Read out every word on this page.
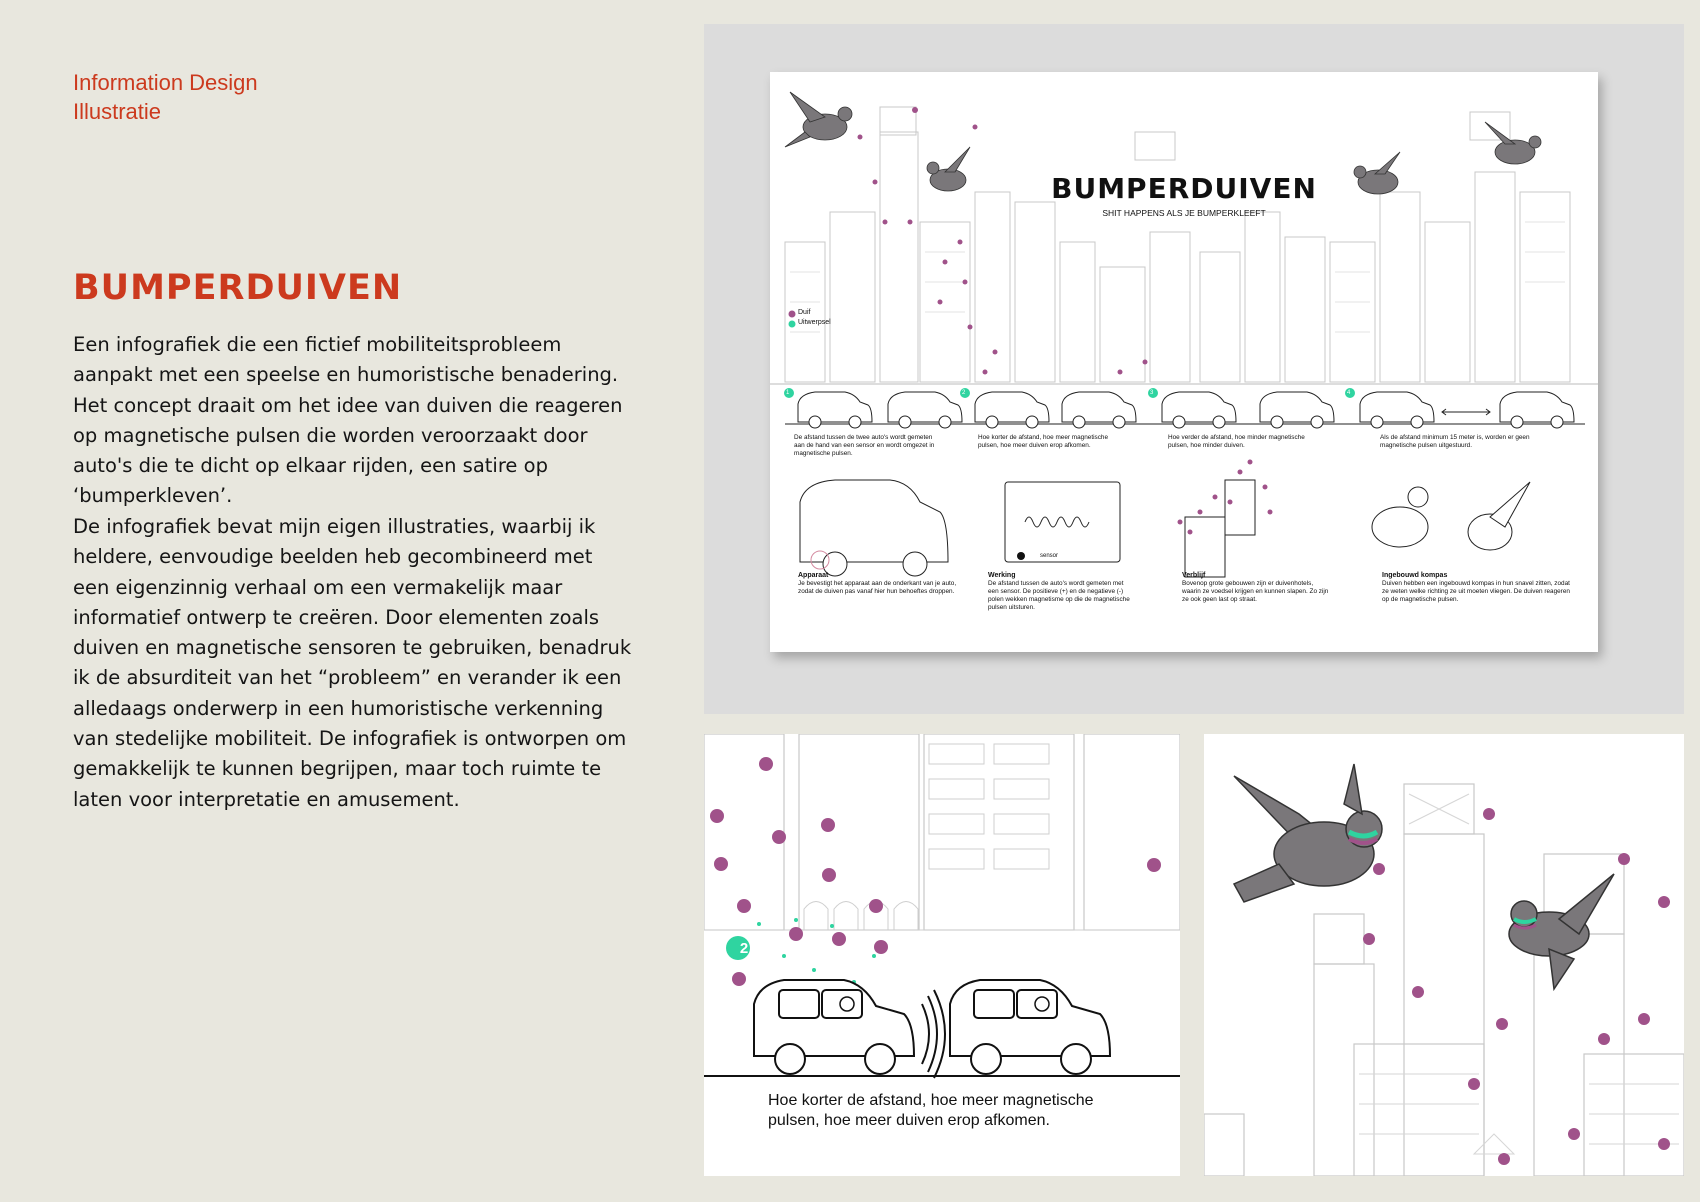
Information Design
Illustratie
BUMPERDUIVEN

Een infografiek die een fictief mobiliteitsprobleem aanpakt met een speelse en humoristische benadering. Het concept draait om het idee van duiven die reageren op magnetische pulsen die worden veroorzaakt door auto's die te dicht op elkaar rijden, een satire op ‘bumperkleven’.

De infografiek bevat mijn eigen illustraties, waarbij ik heldere, eenvoudige beelden heb gecombineerd met een eigenzinnig verhaal om een vermakelijk maar informatief ontwerp te creëren. Door elementen zoals duiven en magnetische sensoren te gebruiken, benadruk ik de absurditeit van het “probleem” en verander ik een alledaags onderwerp in een humoristische verkenning van stedelijke mobiliteit. De infografiek is ontworpen om gemakkelijk te kunnen begrijpen, maar toch ruimte te laten voor interpretatie en amusement.

BUMPERDUIVEN
SHIT HAPPENS ALS JE BUMPERKLEEFT
Duif
Uitwerpsel
1	2	3	4
De afstand tussen de twee auto's wordt gemeten aan de hand van een sensor en wordt omgezet in magnetische pulsen.
Hoe korter de afstand, hoe meer magnetische pulsen, hoe meer duiven erop afkomen.
Hoe verder de afstand, hoe minder magnetische pulsen, hoe minder duiven.
Als de afstand minimum 15 meter is, worden er geen magnetische pulsen uitgestuurd.
sensor
Apparaat
Je bevestigt het apparaat aan de onderkant van je auto, zodat de duiven pas vanaf hier hun behoeftes droppen.
Werking
De afstand tussen de auto's wordt gemeten met een sensor. De positieve (+) en de negatieve (-) polen wekken magnetisme op die de magnetische pulsen uitsturen.
Verblijf
Bovenop grote gebouwen zijn er duivenhotels, waarin ze voedsel krijgen en kunnen slapen. Zo zijn ze ook geen last op straat.
Ingebouwd kompas
Duiven hebben een ingebouwd kompas in hun snavel zitten, zodat ze weten welke richting ze uit moeten vliegen. De duiven reageren op de magnetische pulsen.
2
Hoe korter de afstand, hoe meer magnetische pulsen, hoe meer duiven erop afkomen.
